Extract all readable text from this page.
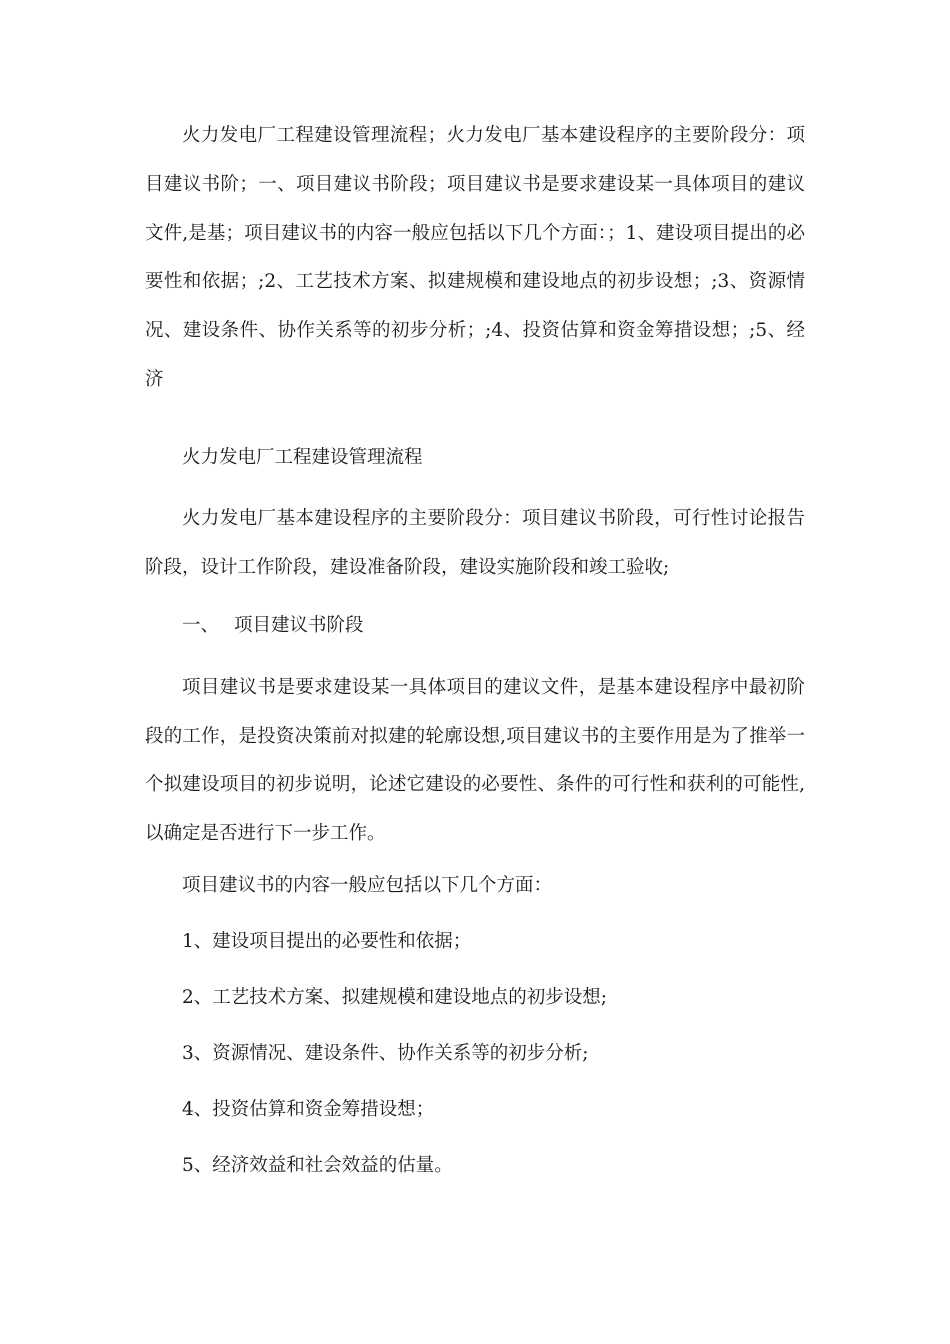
火力发电厂工程建设管理流程；火力发电厂基本建设程序的主要阶段分：项目建议书阶；一、项目建议书阶段；项目建议书是要求建设某一具体项目的建议文件,是基；项目建议书的内容一般应包括以下几个方面：；1、建设项目提出的必要性和依据；;2、工艺技术方案、拟建规模和建设地点的初步设想；;3、资源情况、建设条件、协作关系等的初步分析；;4、投资估算和资金筹措设想；;5、经济

火力发电厂工程建设管理流程

火力发电厂基本建设程序的主要阶段分：项目建议书阶段，可行性讨论报告阶段，设计工作阶段，建设准备阶段，建设实施阶段和竣工验收;

一、 项目建议书阶段

项目建议书是要求建设某一具体项目的建议文件，是基本建设程序中最初阶段的工作，是投资决策前对拟建的轮廓设想,项目建议书的主要作用是为了推举一个拟建设项目的初步说明，论述它建设的必要性、条件的可行性和获利的可能性,以确定是否进行下一步工作。

项目建议书的内容一般应包括以下几个方面：

1、建设项目提出的必要性和依据；

2、工艺技术方案、拟建规模和建设地点的初步设想;

3、资源情况、建设条件、协作关系等的初步分析;

4、投资估算和资金筹措设想；

5、经济效益和社会效益的估量。
